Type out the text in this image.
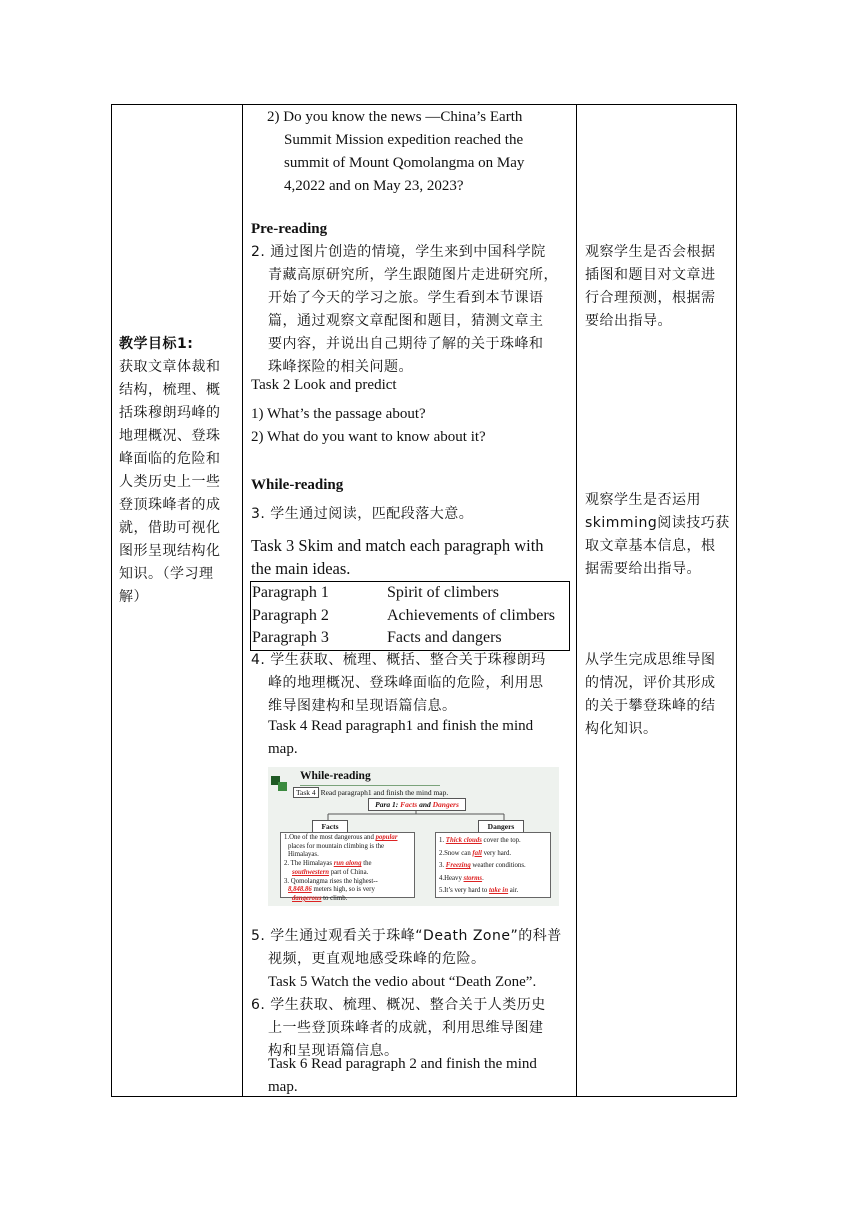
教学目标1:
获取文章体裁和
结构，梳理、概
括珠穆朗玛峰的
地理概况、登珠
峰面临的危险和
人类历史上一些
登顶珠峰者的成
就，借助可视化
图形呈现结构化
知识。（学习理
解）
2) Do you know the news —China’s Earth
Summit Mission expedition reached the
summit of Mount Qomolangma on May
4,2022 and on May 23, 2023?
Pre-reading
2. 通过图片创造的情境，学生来到中国科学院
青藏高原研究所，学生跟随图片走进研究所，
开始了今天的学习之旅。学生看到本节课语
篇，通过观察文章配图和题目，猜测文章主
要内容，并说出自己期待了解的关于珠峰和
珠峰探险的相关问题。
Task 2 Look and predict
1) What’s the passage about?
2) What do you want to know about it?
While-reading
3. 学生通过阅读，匹配段落大意。
Task 3 Skim and match each paragraph with
the main ideas.
Paragraph 1	Spirit of climbers
Paragraph 2	Achievements of climbers
Paragraph 3	Facts and dangers
4. 学生获取、梳理、概括、整合关于珠穆朗玛
峰的地理概况、登珠峰面临的危险，利用思
维导图建构和呈现语篇信息。
Task 4 Read paragraph1 and finish the mind
map.
While-reading
Task 4 Read paragraph1 and finish the mind map.
Para 1: Facts and Dangers
Facts	Dangers
1.One of the most dangerous and popular
places for mountain climbing is the
Himalayas.
2. The Himalayas run along the
southwestern part of China.
3. Qomolangma rises the highest--
8,848.86 meters high, so is very
dangerous to climb.
1. Thick clouds cover the top.
2.Snow can fall very hard.
3. Freezing weather conditions.
4.Heavy storms.
5.It’s very hard to take in air.
5. 学生通过观看关于珠峰“Death Zone”的科普
视频，更直观地感受珠峰的危险。
Task 5 Watch the vedio about “Death Zone”.
6. 学生获取、梳理、概况、整合关于人类历史
上一些登顶珠峰者的成就，利用思维导图建
构和呈现语篇信息。
Task 6 Read paragraph 2 and finish the mind
map.
观察学生是否会根据
插图和题目对文章进
行合理预测，根据需
要给出指导。
观察学生是否运用
skimming阅读技巧获
取文章基本信息，根
据需要给出指导。
从学生完成思维导图
的情况，评价其形成
的关于攀登珠峰的结
构化知识。
